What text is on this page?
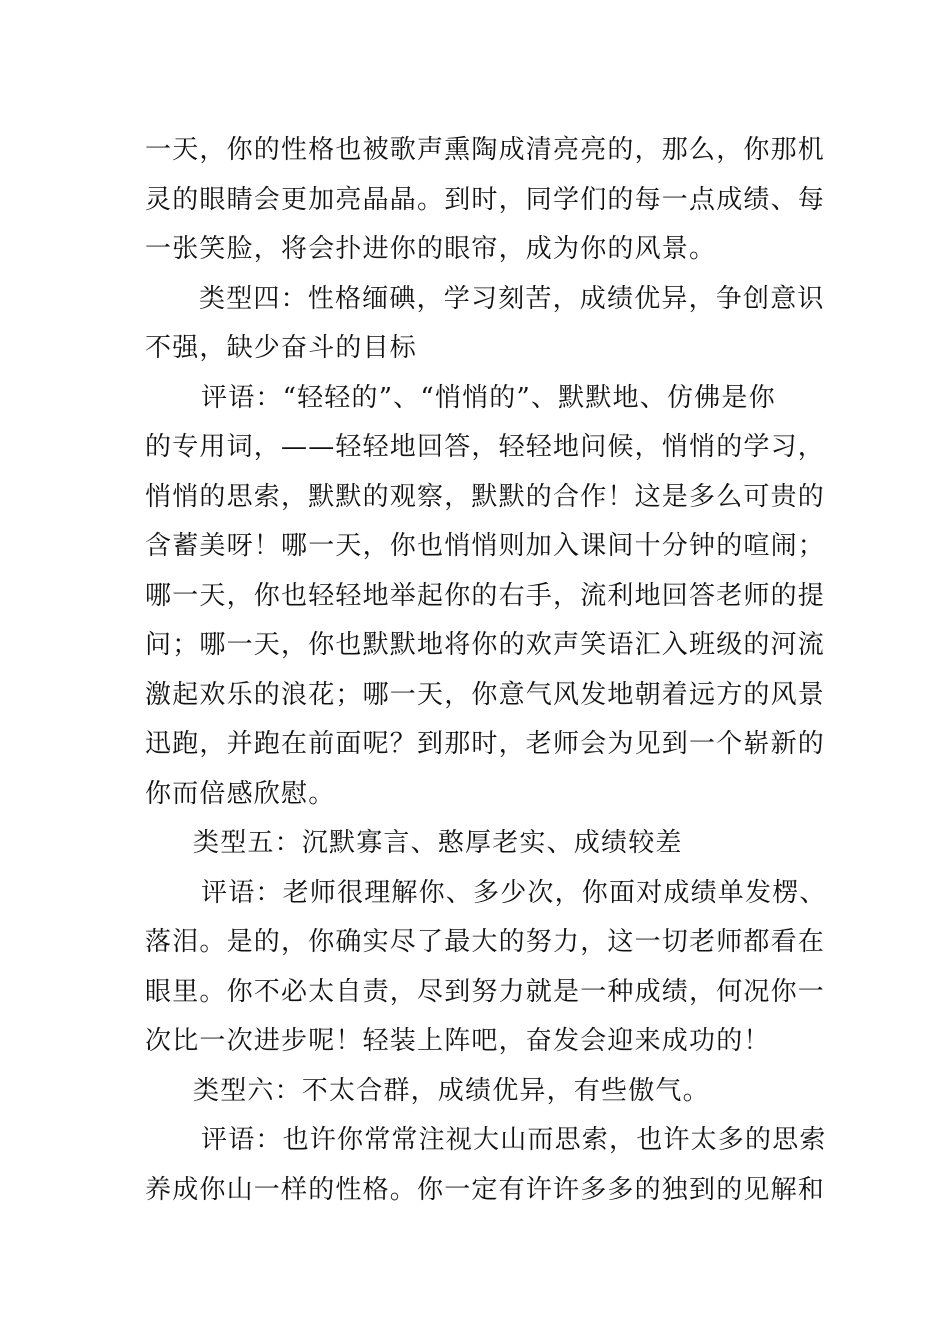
一天，你的性格也被歌声熏陶成清亮亮的，那么，你那机
灵的眼睛会更加亮晶晶。到时，同学们的每一点成绩、每
一张笑脸，将会扑进你的眼帘，成为你的风景。
类型四：性格缅碘，学习刻苦，成绩优异，争创意识
不强，缺少奋斗的目标
评语：“轻轻的”、“悄悄的”、默默地、仿佛是你
的专用词，——轻轻地回答，轻轻地问候，悄悄的学习，
悄悄的思索，默默的观察，默默的合作！这是多么可贵的
含蓄美呀！哪一天，你也悄悄则加入课间十分钟的喧闹；
哪一天，你也轻轻地举起你的右手，流利地回答老师的提
问；哪一天，你也默默地将你的欢声笑语汇入班级的河流
激起欢乐的浪花；哪一天，你意气风发地朝着远方的风景
迅跑，并跑在前面呢？到那时，老师会为见到一个崭新的
你而倍感欣慰。
类型五：沉默寡言、憨厚老实、成绩较差
评语：老师很理解你、多少次，你面对成绩单发楞、
落泪。是的，你确实尽了最大的努力，这一切老师都看在
眼里。你不必太自责，尽到努力就是一种成绩，何况你一
次比一次进步呢！轻装上阵吧，奋发会迎来成功的！
类型六：不太合群，成绩优异，有些傲气。
评语：也许你常常注视大山而思索，也许太多的思索
养成你山一样的性格。你一定有许许多多的独到的见解和
